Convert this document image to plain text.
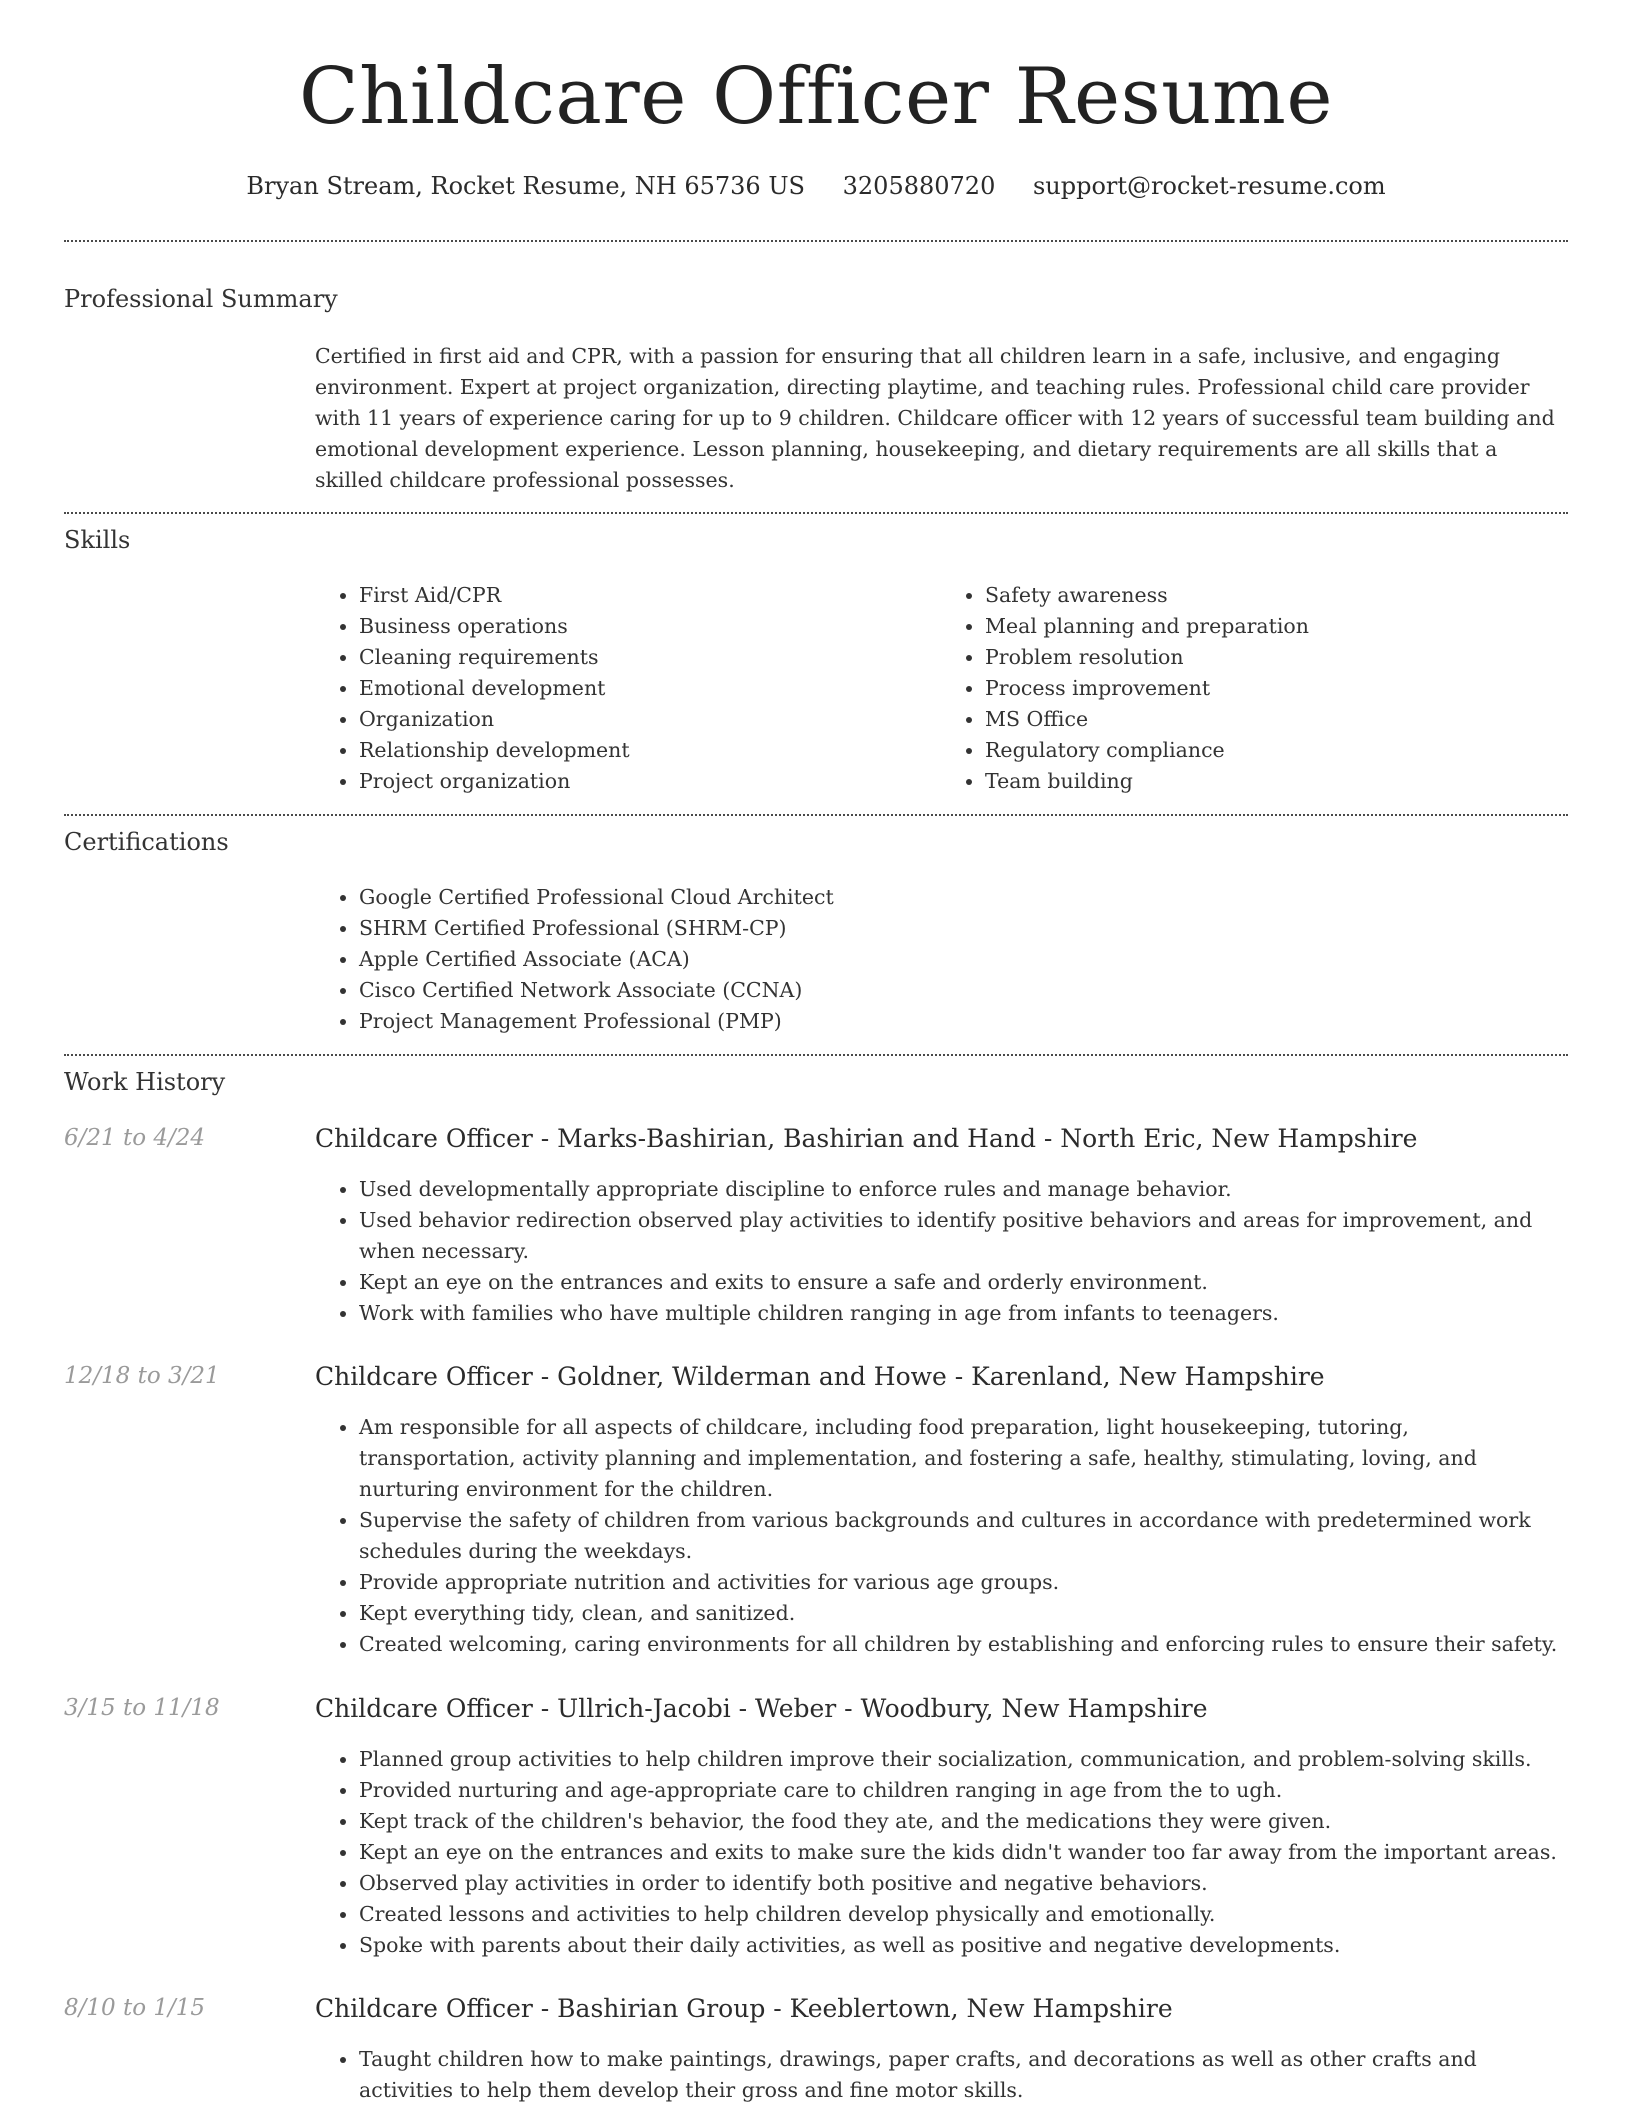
Childcare Officer Resume
Bryan Stream, Rocket Resume, NH 65736 US 3205880720 support@rocket-resume.com
Professional Summary

Certified in first aid and CPR, with a passion for ensuring that all children learn in a safe, inclusive, and engaging environment. Expert at project organization, directing playtime, and teaching rules. Professional child care provider with 11 years of experience caring for up to 9 children. Childcare officer with 12 years of successful team building and emotional development experience. Lesson planning, housekeeping, and dietary requirements are all skills that a skilled childcare professional possesses.

Skills
• First Aid/CPR
• Business operations
• Cleaning requirements
• Emotional development
• Organization
• Relationship development
• Project organization
• Safety awareness
• Meal planning and preparation
• Problem resolution
• Process improvement
• MS Office
• Regulatory compliance
• Team building
Certifications
• Google Certified Professional Cloud Architect
• SHRM Certified Professional (SHRM-CP)
• Apple Certified Associate (ACA)
• Cisco Certified Network Associate (CCNA)
• Project Management Professional (PMP)
Work History
6/21 to 4/24	Childcare Officer - Marks-Bashirian, Bashirian and Hand - North Eric, New Hampshire
• Used developmentally appropriate discipline to enforce rules and manage behavior.
• Used behavior redirection observed play activities to identify positive behaviors and areas for improvement, and when necessary.
• Kept an eye on the entrances and exits to ensure a safe and orderly environment.
• Work with families who have multiple children ranging in age from infants to teenagers.
12/18 to 3/21	Childcare Officer - Goldner, Wilderman and Howe - Karenland, New Hampshire
• Am responsible for all aspects of childcare, including food preparation, light housekeeping, tutoring, transportation, activity planning and implementation, and fostering a safe, healthy, stimulating, loving, and nurturing environment for the children.
• Supervise the safety of children from various backgrounds and cultures in accordance with predetermined work schedules during the weekdays.
• Provide appropriate nutrition and activities for various age groups.
• Kept everything tidy, clean, and sanitized.
• Created welcoming, caring environments for all children by establishing and enforcing rules to ensure their safety.
3/15 to 11/18	Childcare Officer - Ullrich-Jacobi - Weber - Woodbury, New Hampshire
• Planned group activities to help children improve their socialization, communication, and problem-solving skills.
• Provided nurturing and age-appropriate care to children ranging in age from the to ugh.
• Kept track of the children's behavior, the food they ate, and the medications they were given.
• Kept an eye on the entrances and exits to make sure the kids didn't wander too far away from the important areas.
• Observed play activities in order to identify both positive and negative behaviors.
• Created lessons and activities to help children develop physically and emotionally.
• Spoke with parents about their daily activities, as well as positive and negative developments.
8/10 to 1/15	Childcare Officer - Bashirian Group - Keeblertown, New Hampshire
• Taught children how to make paintings, drawings, paper crafts, and decorations as well as other crafts and activities to help them develop their gross and fine motor skills.
